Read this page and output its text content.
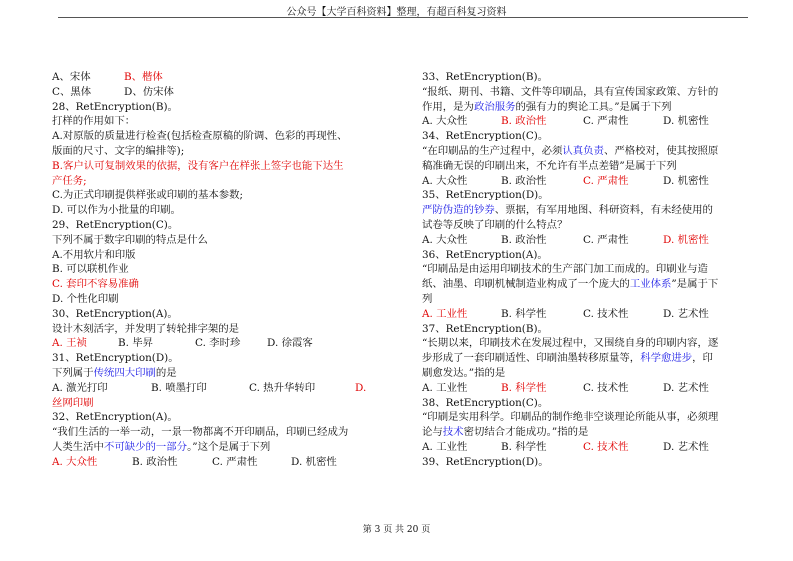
公众号【大学百科资料】整理，有超百科复习资料
A、宋体	B、楷体
C、黑体	D、仿宋体
28、RetEncryption(B)。
打样的作用如下：
A.对原版的质量进行检查(包括检查原稿的阶调、色彩的再现性、
版面的尺寸、文字的编排等);
B.客户认可复制效果的依据，没有客户在样张上签字也能下达生
产任务;
C.为正式印刷提供样张或印刷的基本参数;
D. 可以作为小批量的印刷。
29、RetEncryption(C)。
下列不属于数字印刷的特点是什么
A.不用软片和印版
B. 可以联机作业
C. 套印不容易准确
D. 个性化印刷
30、RetEncryption(A)。
设计木刻活字，并发明了转轮排字架的是
A. 王祯	B. 毕昇	C. 李时珍	D. 徐霞客
31、RetEncryption(D)。
下列属于传统四大印刷的是
A. 激光打印	B. 喷墨打印	C. 热升华转印	D.
丝网印刷
32、RetEncryption(A)。
“我们生活的一举一动，一景一物都离不开印刷品，印刷已经成为
人类生活中不可缺少的一部分。”这个是属于下列
A. 大众性	B. 政治性	C. 严肃性	D. 机密性
33、RetEncryption(B)。
“报纸、期刊、书籍、文件等印刷品，具有宣传国家政策、方针的
作用，是为政治服务的强有力的舆论工具。”是属于下列
A. 大众性	B. 政治性	C. 严肃性	D. 机密性
34、RetEncryption(C)。
“在印刷品的生产过程中，必须认真负责、严格校对，使其按照原
稿准确无误的印刷出来，不允许有半点差错”是属于下列
A. 大众性	B. 政治性	C. 严肃性	D. 机密性
35、RetEncryption(D)。
严防伪造的钞券、票据，有军用地图、科研资料，有未经使用的
试卷等反映了印刷的什么特点？
A. 大众性	B. 政治性	C. 严肃性	D. 机密性
36、RetEncryption(A)。
“印刷品是由运用印刷技术的生产部门加工而成的。印刷业与造
纸、油墨、印刷机械制造业构成了一个庞大的工业体系”是属于下
列
A. 工业性	B. 科学性	C. 技术性	D. 艺术性
37、RetEncryption(B)。
“长期以来，印刷技术在发展过程中，又围绕自身的印刷内容，逐
步形成了一套印刷适性、印刷油墨转移原量等，科学愈进步，印
刷愈发达。”指的是
A. 工业性	B. 科学性	C. 技术性	D. 艺术性
38、RetEncryption(C)。
“印刷是实用科学。印刷品的制作绝非空谈理论所能从事，必须理
论与技术密切结合才能成功。”指的是
A. 工业性	B. 科学性	C. 技术性	D. 艺术性
39、RetEncryption(D)。
第 3 页 共 20 页
